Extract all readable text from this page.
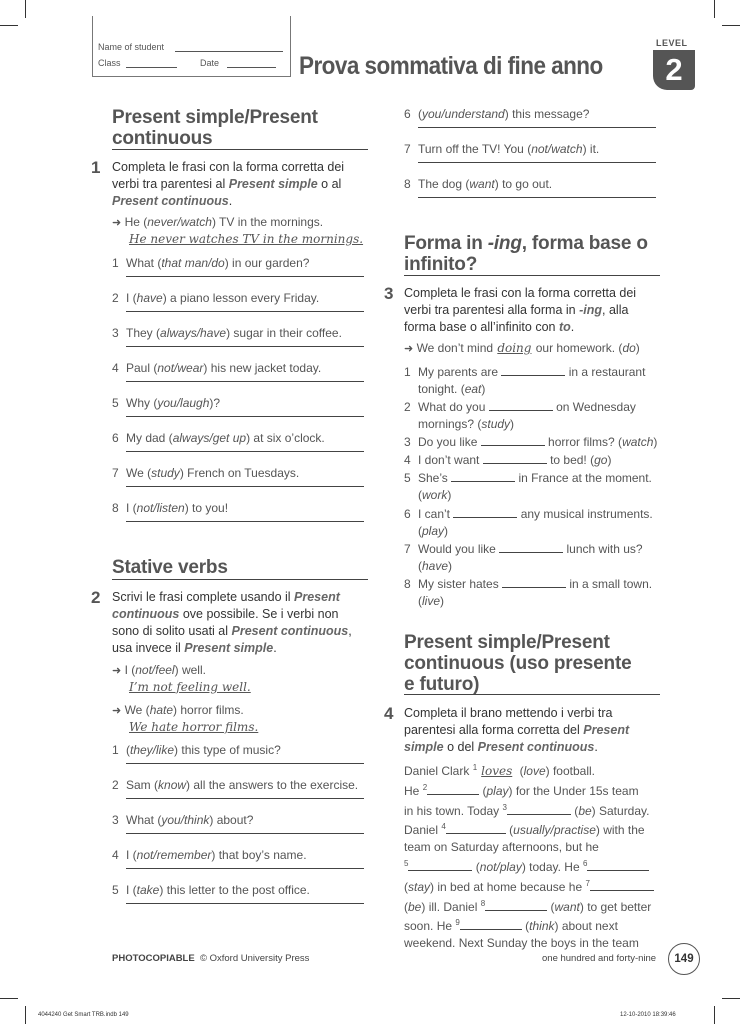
Name of student
Class	Date	Prova sommativa di fine anno
LEVEL
2
Present simple/Present
continuous
1 Completa le frasi con la forma corretta dei
verbi tra parentesi al Present simple o al
Present continuous.
➜ He (never/watch) TV in the mornings.
He never watches TV in the mornings.
1 What (that man/do) in our garden?
2 I (have) a piano lesson every Friday.
3 They (always/have) sugar in their coffee.
4 Paul (not/wear) his new jacket today.
5 Why (you/laugh)?
6 My dad (always/get up) at six o’clock.
7 We (study) French on Tuesdays.
8 I (not/listen) to you!
Stative verbs
2 Scrivi le frasi complete usando il Present
continuous ove possibile. Se i verbi non
sono di solito usati al Present continuous,
usa invece il Present simple.
➜ I (not/feel) well.
I’m not feeling well.
➜ We (hate) horror films.
We hate horror films.
1 (they/like) this type of music?
2 Sam (know) all the answers to the exercise.
3 What (you/think) about?
4 I (not/remember) that boy’s name.
5 I (take) this letter to the post office.
6 (you/understand) this message?
7 Turn off the TV! You (not/watch) it.
8 The dog (want) to go out.
Forma in -ing, forma base o
infinito?
3 Completa le frasi con la forma corretta dei
verbi tra parentesi alla forma in -ing, alla
forma base o all’infinito con to.
➜ We don’t mind doing our homework. (do)
1 My parents are	in a restaurant
tonight. (eat)
2 What do you	on Wednesday
mornings? (study)
3 Do you like	horror films? (watch)
4 I don’t want	to bed! (go)
5 She’s	in France at the moment.
(work)
6 I can’t	any musical instruments.
(play)
7 Would you like	lunch with us?
(have)
8 My sister hates	in a small town.
(live)
Present simple/Present
continuous (uso presente
e futuro)
4 Completa il brano mettendo i verbi tra
parentesi alla forma corretta del Present
simple o del Present continuous.
Daniel Clark $^1$ loves (love) football.
He $^2$	(play) for the Under 15s team
in his town. Today $^3$	(be) Saturday.
Daniel $^4$	(usually/practise) with the
team on Saturday afternoons, but he
$^5$	(not/play) today. He $^6$
(stay) in bed at home because he $^7$
(be) ill. Daniel $^8$	(want) to get better
soon. He $^9$	(think) about next
weekend. Next Sunday the boys in the team
PHOTOCOPIABLE © Oxford University Press	one hundred and forty-nine	149
4044240 Get Smart TRB.indb 149	12-10-2010 18:39:46
